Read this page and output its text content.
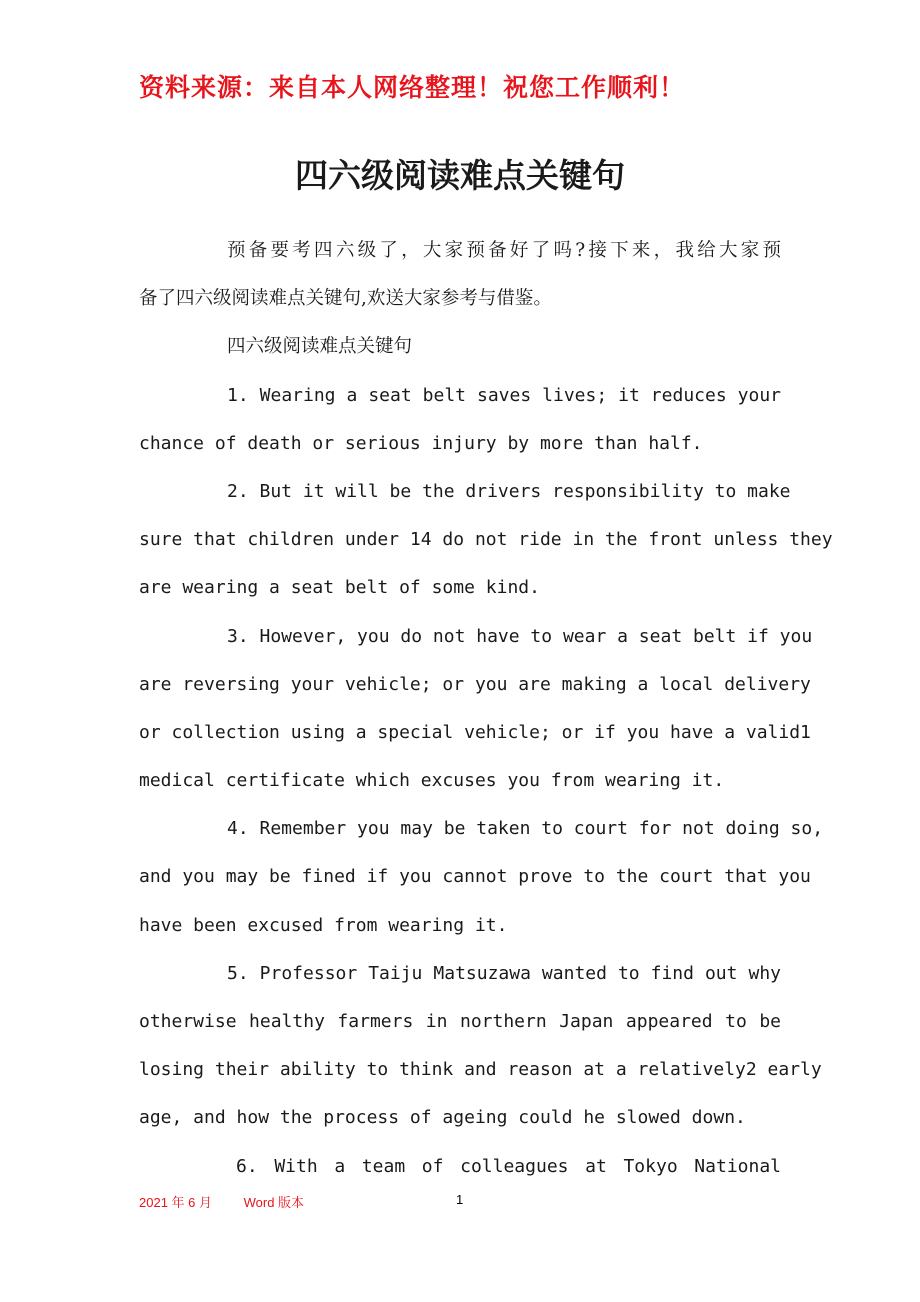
资料来源：来自本人网络整理！祝您工作顺利！
四六级阅读难点关键句
预备要考四六级了，大家预备好了吗?接下来，我给大家预
备了四六级阅读难点关键句,欢送大家参考与借鉴。
四六级阅读难点关键句
1. Wearing a seat belt saves lives; it reduces your
chance of death or serious injury by more than half.
2. But it will be the drivers responsibility to make
sure that children under 14 do not ride in the front unless they
are wearing a seat belt of some kind.
3. However, you do not have to wear a seat belt if you
are reversing your vehicle; or you are making a local delivery
or collection using a special vehicle; or if you have a valid1
medical certificate which excuses you from wearing it.
4. Remember you may be taken to court for not doing so,
and you may be fined if you cannot prove to the court that you
have been excused from wearing it.
5. Professor Taiju Matsuzawa wanted to find out why
otherwise healthy farmers in northern Japan appeared to be
losing their ability to think and reason at a relatively2 early
age, and how the process of ageing could he slowed down.
6. With a team of colleagues at Tokyo National
2021 年 6 月 Word 版本	1
